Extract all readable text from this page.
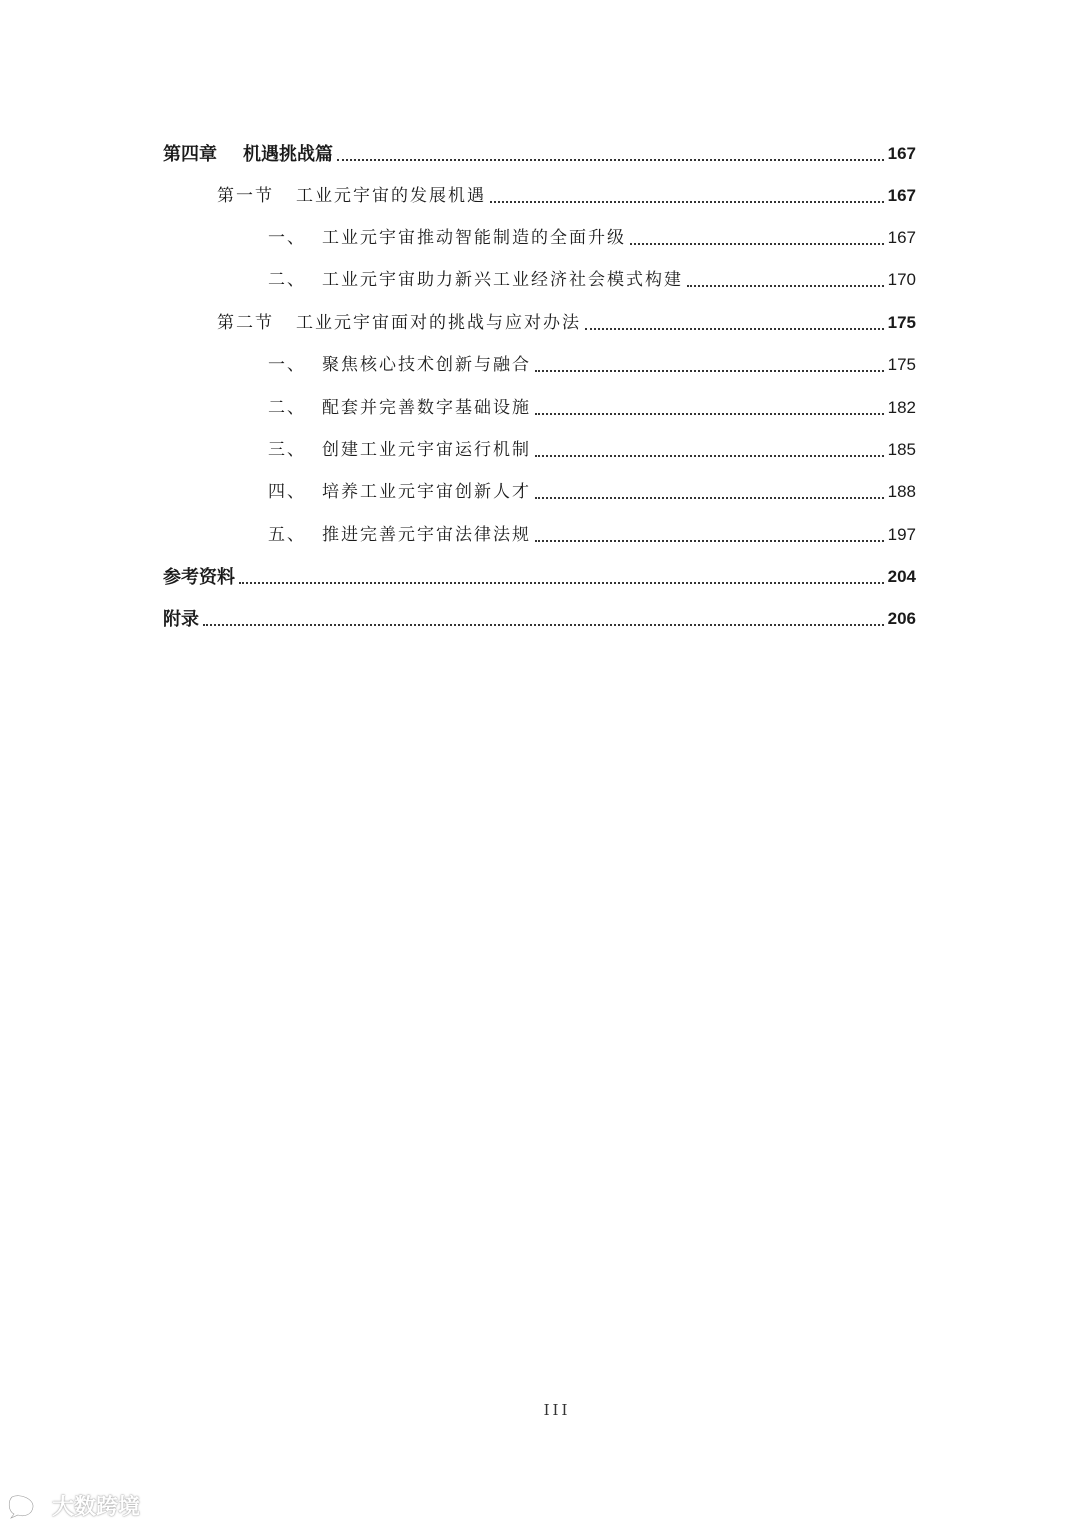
第四章 机遇挑战篇	167
第一节 工业元宇宙的发展机遇	167
一、 工业元宇宙推动智能制造的全面升级	167
二、 工业元宇宙助力新兴工业经济社会模式构建	170
第二节 工业元宇宙面对的挑战与应对办法	175
一、 聚焦核心技术创新与融合	175
二、 配套并完善数字基础设施	182
三、 创建工业元宇宙运行机制	185
四、 培养工业元宇宙创新人才	188
五、 推进完善元宇宙法律法规	197
参考资料	204
附录	206
III
大数跨境
